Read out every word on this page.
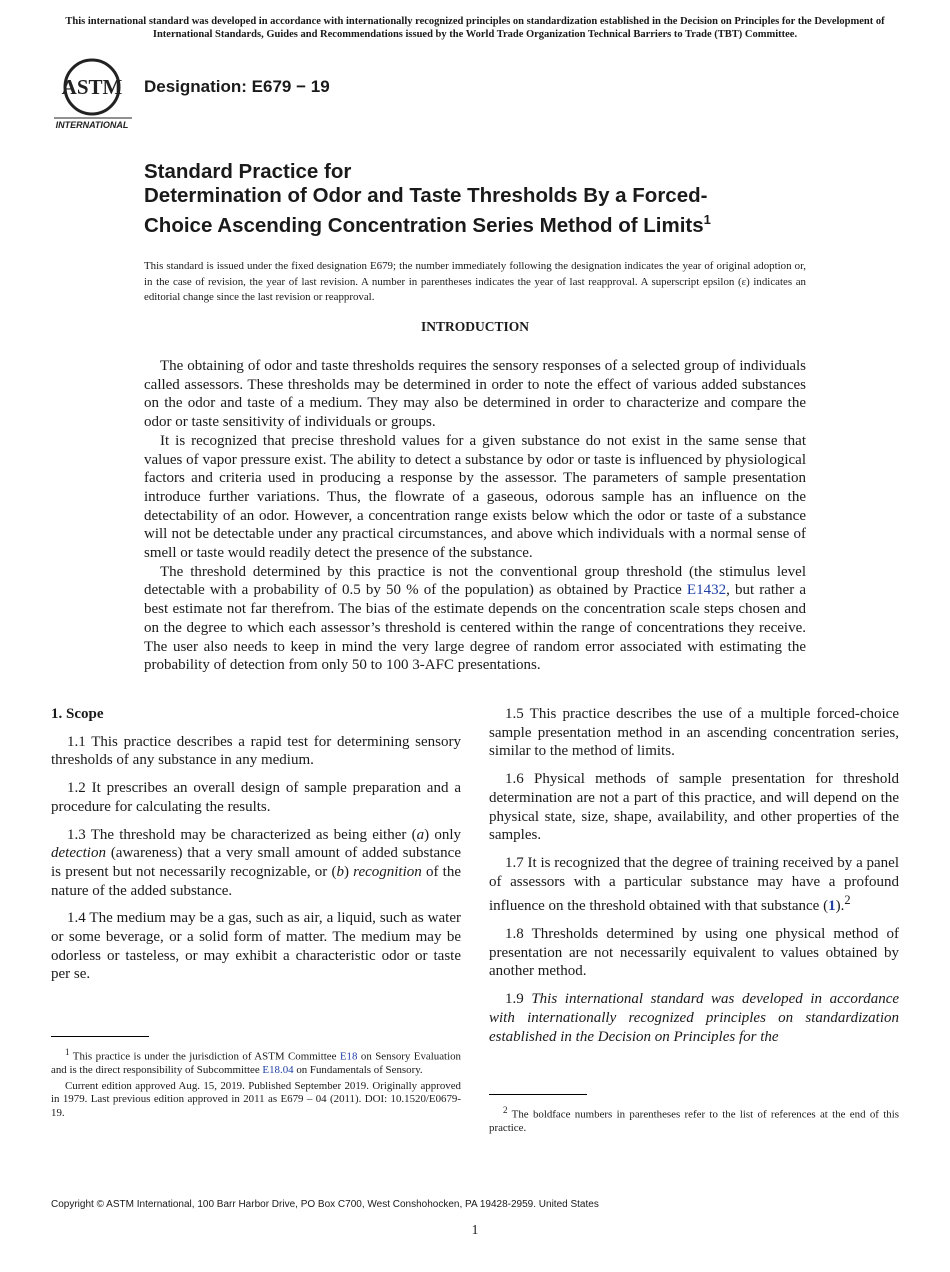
This international standard was developed in accordance with internationally recognized principles on standardization established in the Decision on Principles for the Development of International Standards, Guides and Recommendations issued by the World Trade Organization Technical Barriers to Trade (TBT) Committee.
ASTM
INTERNATIONAL
Designation: E679 − 19
Standard Practice for
Determination of Odor and Taste Thresholds By a Forced-
Choice Ascending Concentration Series Method of Limits$^1$
This standard is issued under the fixed designation E679; the number immediately following the designation indicates the year of original adoption or, in the case of revision, the year of last revision. A number in parentheses indicates the year of last reapproval. A superscript epsilon (ε) indicates an editorial change since the last revision or reapproval.
INTRODUCTION

The obtaining of odor and taste thresholds requires the sensory responses of a selected group of individuals called assessors. These thresholds may be determined in order to note the effect of various added substances on the odor and taste of a medium. They may also be determined in order to characterize and compare the odor or taste sensitivity of individuals or groups.

It is recognized that precise threshold values for a given substance do not exist in the same sense that values of vapor pressure exist. The ability to detect a substance by odor or taste is influenced by physiological factors and criteria used in producing a response by the assessor. The parameters of sample presentation introduce further variations. Thus, the flowrate of a gaseous, odorous sample has an influence on the detectability of an odor. However, a concentration range exists below which the odor or taste of a substance will not be detectable under any practical circumstances, and above which individuals with a normal sense of smell or taste would readily detect the presence of the substance.

The threshold determined by this practice is not the conventional group threshold (the stimulus level detectable with a probability of 0.5 by 50 % of the population) as obtained by Practice E1432, but rather a best estimate not far therefrom. The bias of the estimate depends on the concentration scale steps chosen and on the degree to which each assessor’s threshold is centered within the range of concentrations they receive. The user also needs to keep in mind the very large degree of random error associated with estimating the probability of detection from only 50 to 100 3-AFC presentations.

1. Scope

1.1 This practice describes a rapid test for determining sensory thresholds of any substance in any medium.

1.2 It prescribes an overall design of sample preparation and a procedure for calculating the results.

1.3 The threshold may be characterized as being either (a) only detection (awareness) that a very small amount of added substance is present but not necessarily recognizable, or (b) recognition of the nature of the added substance.

1.4 The medium may be a gas, such as air, a liquid, such as water or some beverage, or a solid form of matter. The medium may be odorless or tasteless, or may exhibit a characteristic odor or taste per se.

1.5 This practice describes the use of a multiple forced-choice sample presentation method in an ascending concentration series, similar to the method of limits.

1.6 Physical methods of sample presentation for threshold determination are not a part of this practice, and will depend on the physical state, size, shape, availability, and other properties of the samples.

1.7 It is recognized that the degree of training received by a panel of assessors with a particular substance may have a profound influence on the threshold obtained with that substance (1).$^2$

1.8 Thresholds determined by using one physical method of presentation are not necessarily equivalent to values obtained by another method.

1.9 This international standard was developed in accordance with internationally recognized principles on standardization established in the Decision on Principles for the

$^1$ This practice is under the jurisdiction of ASTM Committee E18 on Sensory Evaluation and is the direct responsibility of Subcommittee E18.04 on Fundamentals of Sensory.

Current edition approved Aug. 15, 2019. Published September 2019. Originally approved in 1979. Last previous edition approved in 2011 as E679 – 04 (2011). DOI: 10.1520/E0679-19.	$^2$ The boldface numbers in parentheses refer to the list of references at the end of this practice.

Copyright © ASTM International, 100 Barr Harbor Drive, PO Box C700, West Conshohocken, PA 19428-2959. United States
1
